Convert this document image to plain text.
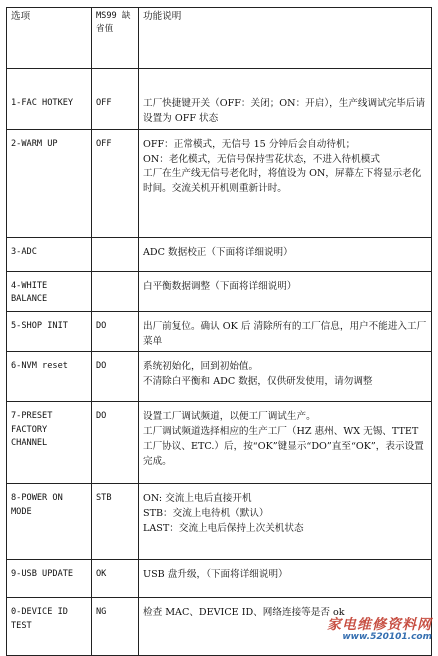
选项	MS99 缺省值	功能说明
1-FAC HOTKEY	OFF	工厂快捷键开关（OFF：关闭；ON：开启），生产线调试完毕后请设置为 OFF 状态

2-WARM UP	OFF	OFF：正常模式，无信号 15 分钟后会自动待机；

ON：老化模式，无信号保持雪花状态，不进入待机模式

工厂在生产线无信号老化时，将值设为 ON，屏幕左下将显示老化时间。交流关机开机则重新计时。

3-ADC		ADC 数据校正（下面将详细说明）

4-WHITE BALANCE		白平衡数据调整（下面将详细说明）

5-SHOP INIT	DO	出厂前复位。确认 OK 后 清除所有的工厂信息，用户不能进入工厂菜单

6-NVM reset	DO	系统初始化，回到初始值。

不清除白平衡和 ADC 数据，仅供研发使用，请勿调整

7-PRESET FACTORY CHANNEL	DO	设置工厂调试频道，以便工厂调试生产。

工厂调试频道选择相应的生产工厂（HZ 惠州、WX 无锡、TTET 工厂协议、ETC.）后，按“OK”键显示“DO”直至“OK”，表示设置完成。

8-POWER ON MODE	STB	ON: 交流上电后直接开机

STB：交流上电待机（默认）

LAST：交流上电后保持上次关机状态

9-USB UPDATE	OK	USB 盘升级，（下面将详细说明）

0-DEVICE ID TEST	NG	检查 MAC、DEVICE ID、网络连接等是否 ok

家电维修资料网
www.520101.com
